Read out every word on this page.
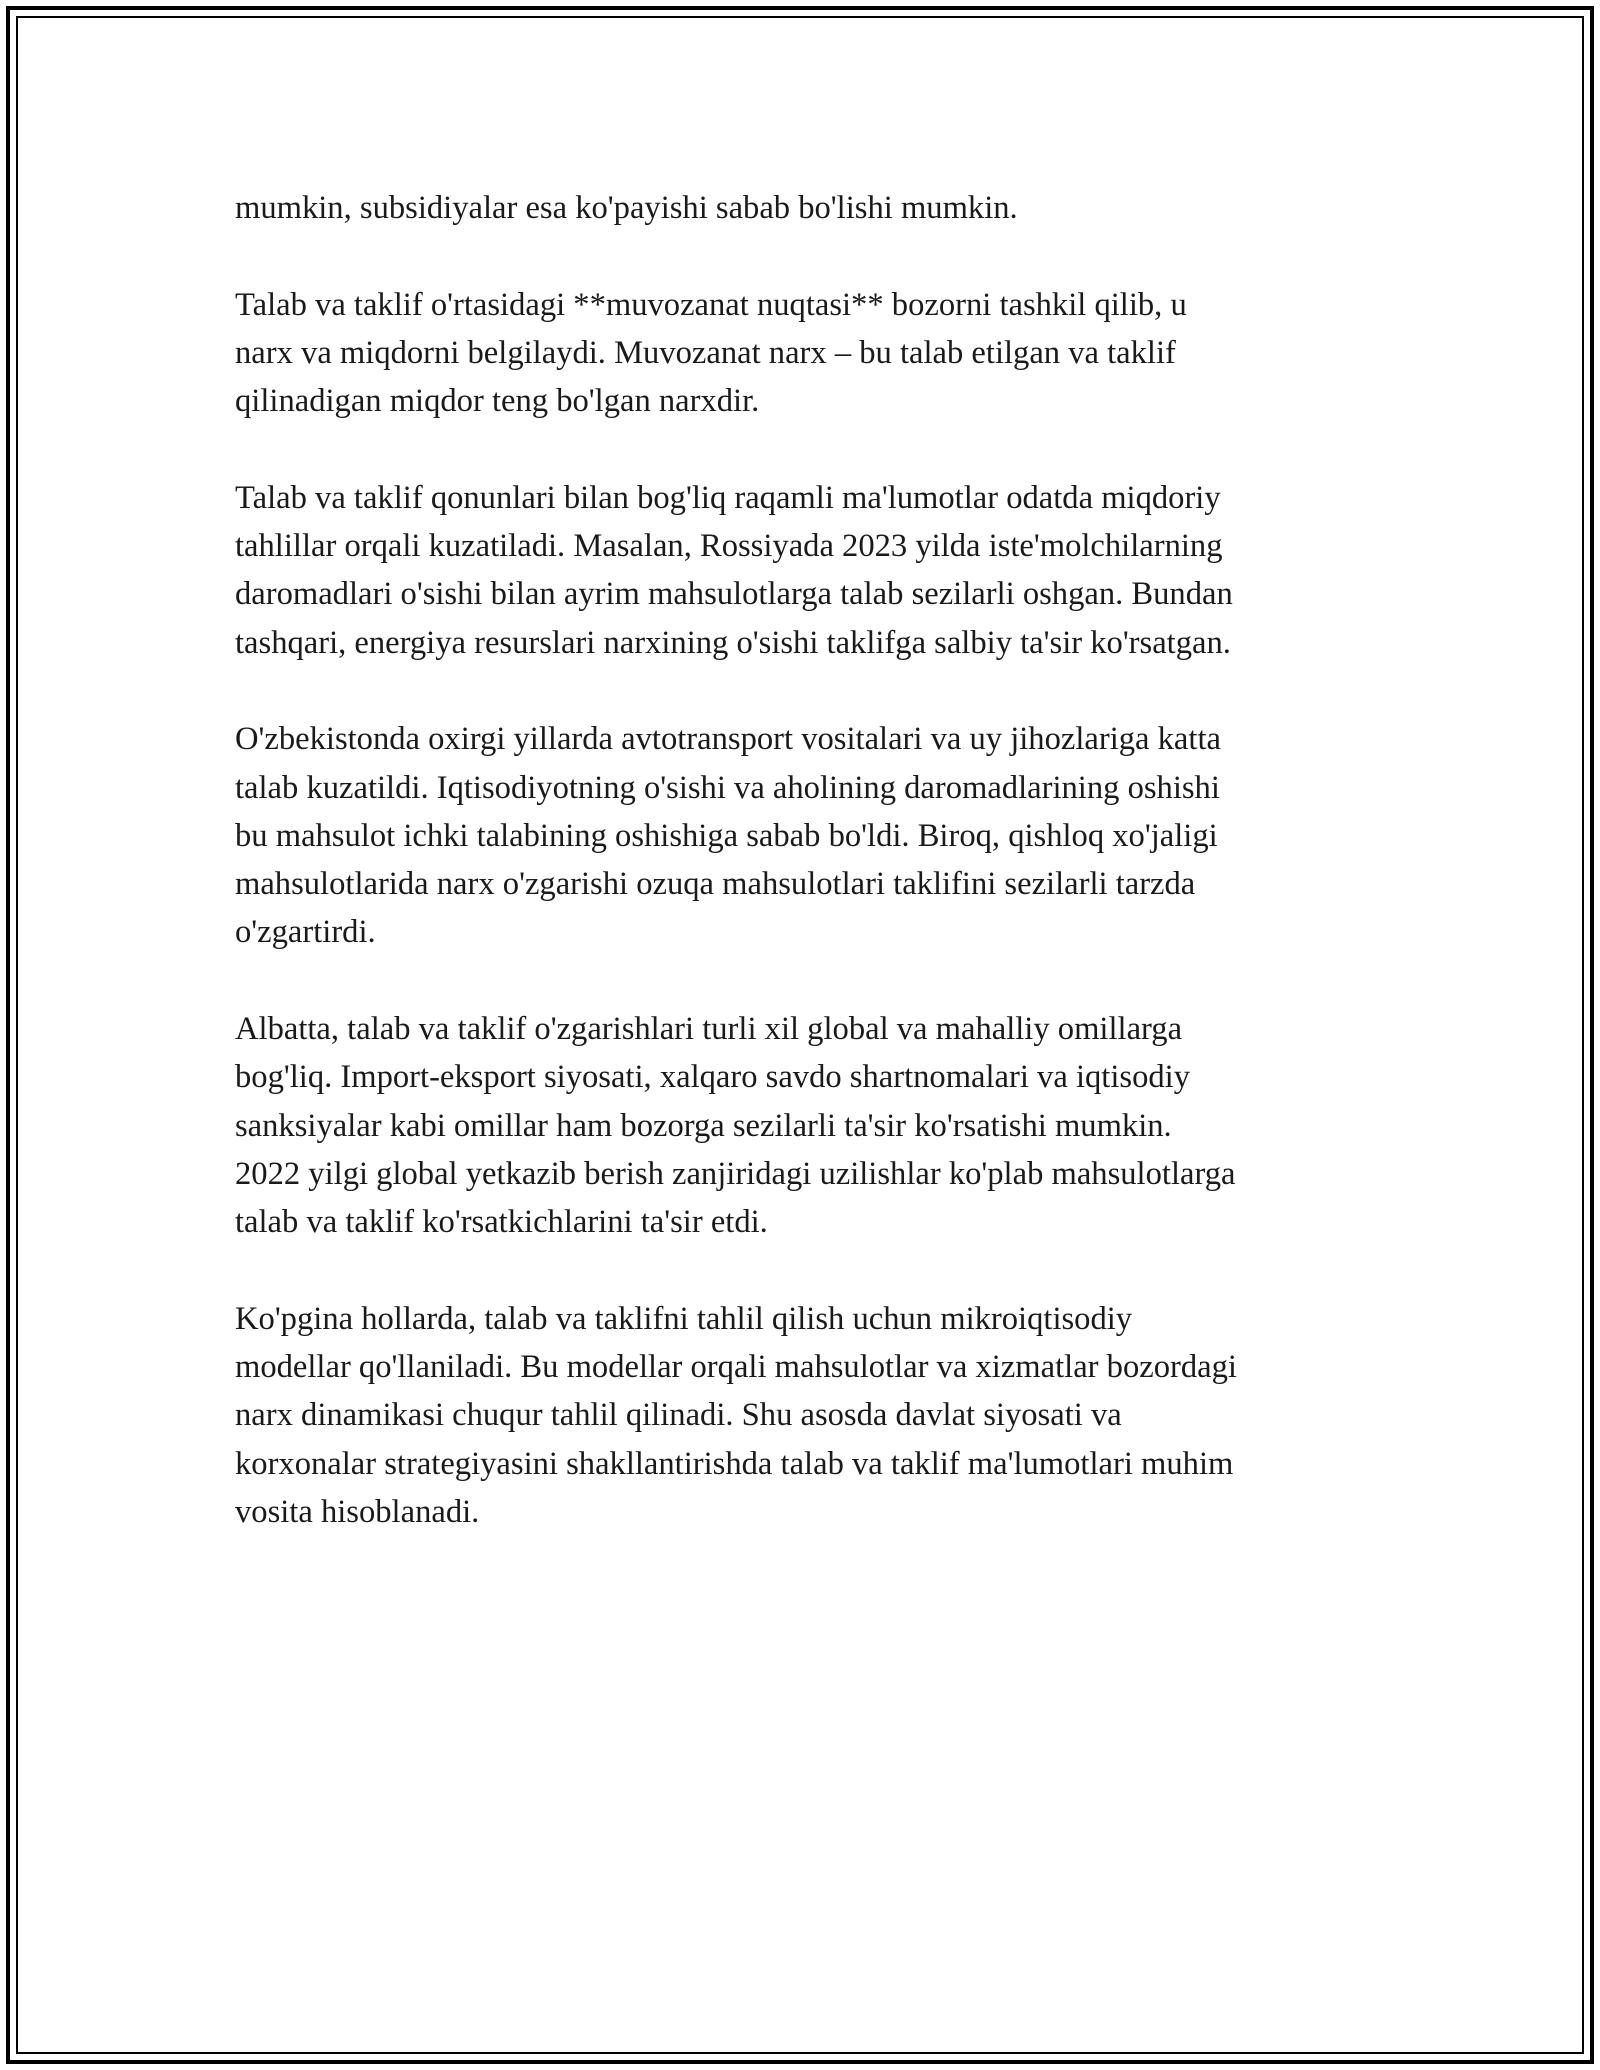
mumkin, subsidiyalar esa ko'payishi sabab bo'lishi mumkin.

Talab va taklif o'rtasidagi **muvozanat nuqtasi** bozorni tashkil qilib, u
narx va miqdorni belgilaydi. Muvozanat narx – bu talab etilgan va taklif
qilinadigan miqdor teng bo'lgan narxdir.

Talab va taklif qonunlari bilan bog'liq raqamli ma'lumotlar odatda miqdoriy
tahlillar orqali kuzatiladi. Masalan, Rossiyada 2023 yilda iste'molchilarning
daromadlari o'sishi bilan ayrim mahsulotlarga talab sezilarli oshgan. Bundan
tashqari, energiya resurslari narxining o'sishi taklifga salbiy ta'sir ko'rsatgan.

O'zbekistonda oxirgi yillarda avtotransport vositalari va uy jihozlariga katta
talab kuzatildi. Iqtisodiyotning o'sishi va aholining daromadlarining oshishi
bu mahsulot ichki talabining oshishiga sabab bo'ldi. Biroq, qishloq xo'jaligi
mahsulotlarida narx o'zgarishi ozuqa mahsulotlari taklifini sezilarli tarzda
o'zgartirdi.

Albatta, talab va taklif o'zgarishlari turli xil global va mahalliy omillarga
bog'liq. Import-eksport siyosati, xalqaro savdo shartnomalari va iqtisodiy
sanksiyalar kabi omillar ham bozorga sezilarli ta'sir ko'rsatishi mumkin.
2022 yilgi global yetkazib berish zanjiridagi uzilishlar ko'plab mahsulotlarga
talab va taklif ko'rsatkichlarini ta'sir etdi.

Ko'pgina hollarda, talab va taklifni tahlil qilish uchun mikroiqtisodiy
modellar qo'llaniladi. Bu modellar orqali mahsulotlar va xizmatlar bozordagi
narx dinamikasi chuqur tahlil qilinadi. Shu asosda davlat siyosati va
korxonalar strategiyasini shakllantirishda talab va taklif ma'lumotlari muhim
vosita hisoblanadi.
